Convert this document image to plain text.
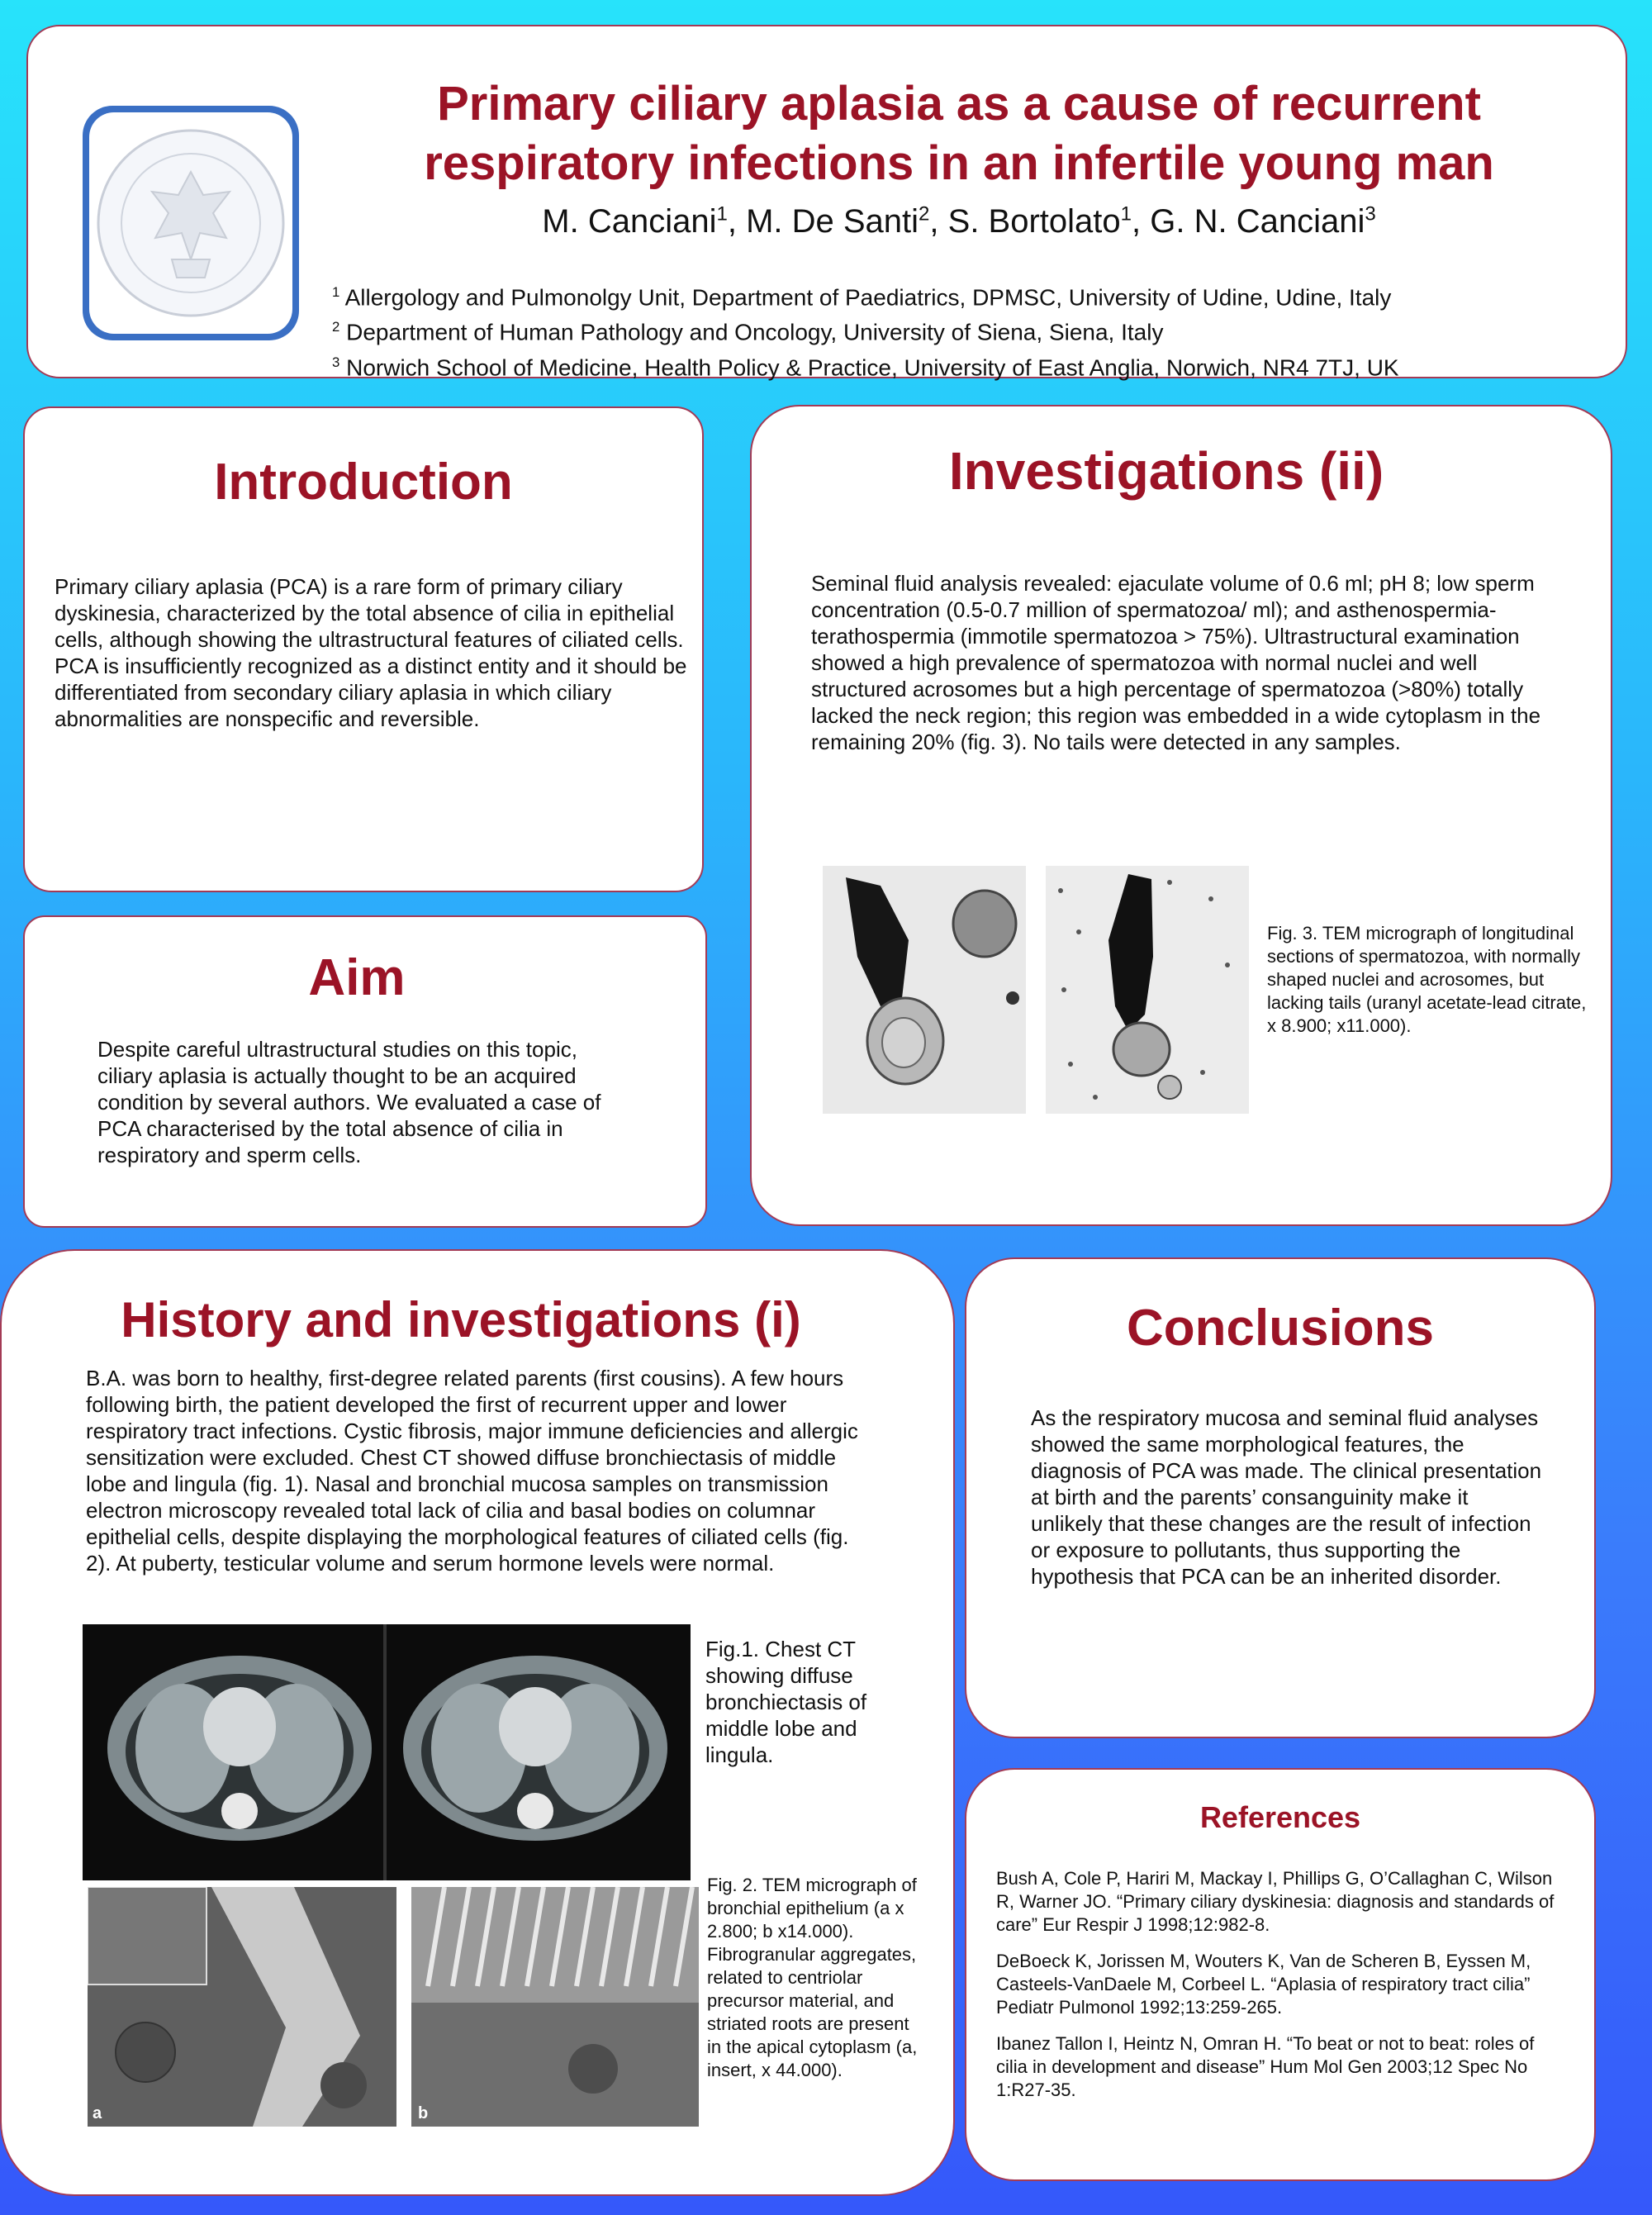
Primary ciliary aplasia as a cause of recurrent
respiratory infections in an infertile young man
M. Canciani$^1$, M. De Santi$^2$, S. Bortolato$^1$, G. N. Canciani$^3$
$^1$ Allergology and Pulmonolgy Unit, Department of Paediatrics, DPMSC, University of Udine, Udine, Italy
$^2$ Department of Human Pathology and Oncology, University of Siena, Siena, Italy
$^3$ Norwich School of Medicine, Health Policy & Practice, University of East Anglia, Norwich, NR4 7TJ, UK
Introduction

Primary ciliary aplasia (PCA) is a rare form of primary ciliary dyskinesia, characterized by the total absence of cilia in epithelial cells, although showing the ultrastructural features of ciliated cells. PCA is insufficiently recognized as a distinct entity and it should be differentiated from secondary ciliary aplasia in which ciliary abnormalities are nonspecific and reversible.

Aim

Despite careful ultrastructural studies on this topic, ciliary aplasia is actually thought to be an acquired condition by several authors. We evaluated a case of PCA characterised by the total absence of cilia in respiratory and sperm cells.

Investigations (ii)

Seminal fluid analysis revealed: ejaculate volume of 0.6 ml; pH 8; low sperm concentration (0.5-0.7 million of spermatozoa/ ml); and asthenospermia-terathospermia (immotile spermatozoa > 75%). Ultrastructural examination showed a high prevalence of spermatozoa with normal nuclei and well structured acrosomes but a high percentage of spermatozoa (>80%) totally lacked the neck region; this region was embedded in a wide cytoplasm in the remaining 20% (fig. 3). No tails were detected in any samples.

Fig. 3. TEM micrograph of longitudinal sections of spermatozoa, with normally shaped nuclei and acrosomes, but lacking tails (uranyl acetate-lead citrate, x 8.900; x11.000).

History and investigations (i)

B.A. was born to healthy, first-degree related parents (first cousins). A few hours following birth, the patient developed the first of recurrent upper and lower respiratory tract infections. Cystic fibrosis, major immune deficiencies and allergic sensitization were excluded. Chest CT showed diffuse bronchiectasis of middle lobe and lingula (fig. 1). Nasal and bronchial mucosa samples on transmission electron microscopy revealed total lack of cilia and basal bodies on columnar epithelial cells, despite displaying the morphological features of ciliated cells (fig. 2). At puberty, testicular volume and serum hormone levels were normal.

Fig.1. Chest CT showing diffuse bronchiectasis of middle lobe and lingula.

a	b

Fig. 2. TEM micrograph of bronchial epithelium (a x 2.800; b x14.000). Fibrogranular aggregates, related to centriolar precursor material, and striated roots are present in the apical cytoplasm (a, insert, x 44.000).

Conclusions

As the respiratory mucosa and seminal fluid analyses showed the same morphological features, the diagnosis of PCA was made. The clinical presentation at birth and the parents’ consanguinity make it unlikely that these changes are the result of infection or exposure to pollutants, thus supporting the hypothesis that PCA can be an inherited disorder.

References

Bush A, Cole P, Hariri M, Mackay I, Phillips G, O’Callaghan C, Wilson R, Warner JO. “Primary ciliary dyskinesia: diagnosis and standards of care” Eur Respir J 1998;12:982-8.

DeBoeck K, Jorissen M, Wouters K, Van de Scheren B, Eyssen M, Casteels-VanDaele M, Corbeel L. “Aplasia of respiratory tract cilia” Pediatr Pulmonol 1992;13:259-265.

Ibanez Tallon I, Heintz N, Omran H. “To beat or not to beat: roles of cilia in development and disease” Hum Mol Gen 2003;12 Spec No 1:R27-35.
